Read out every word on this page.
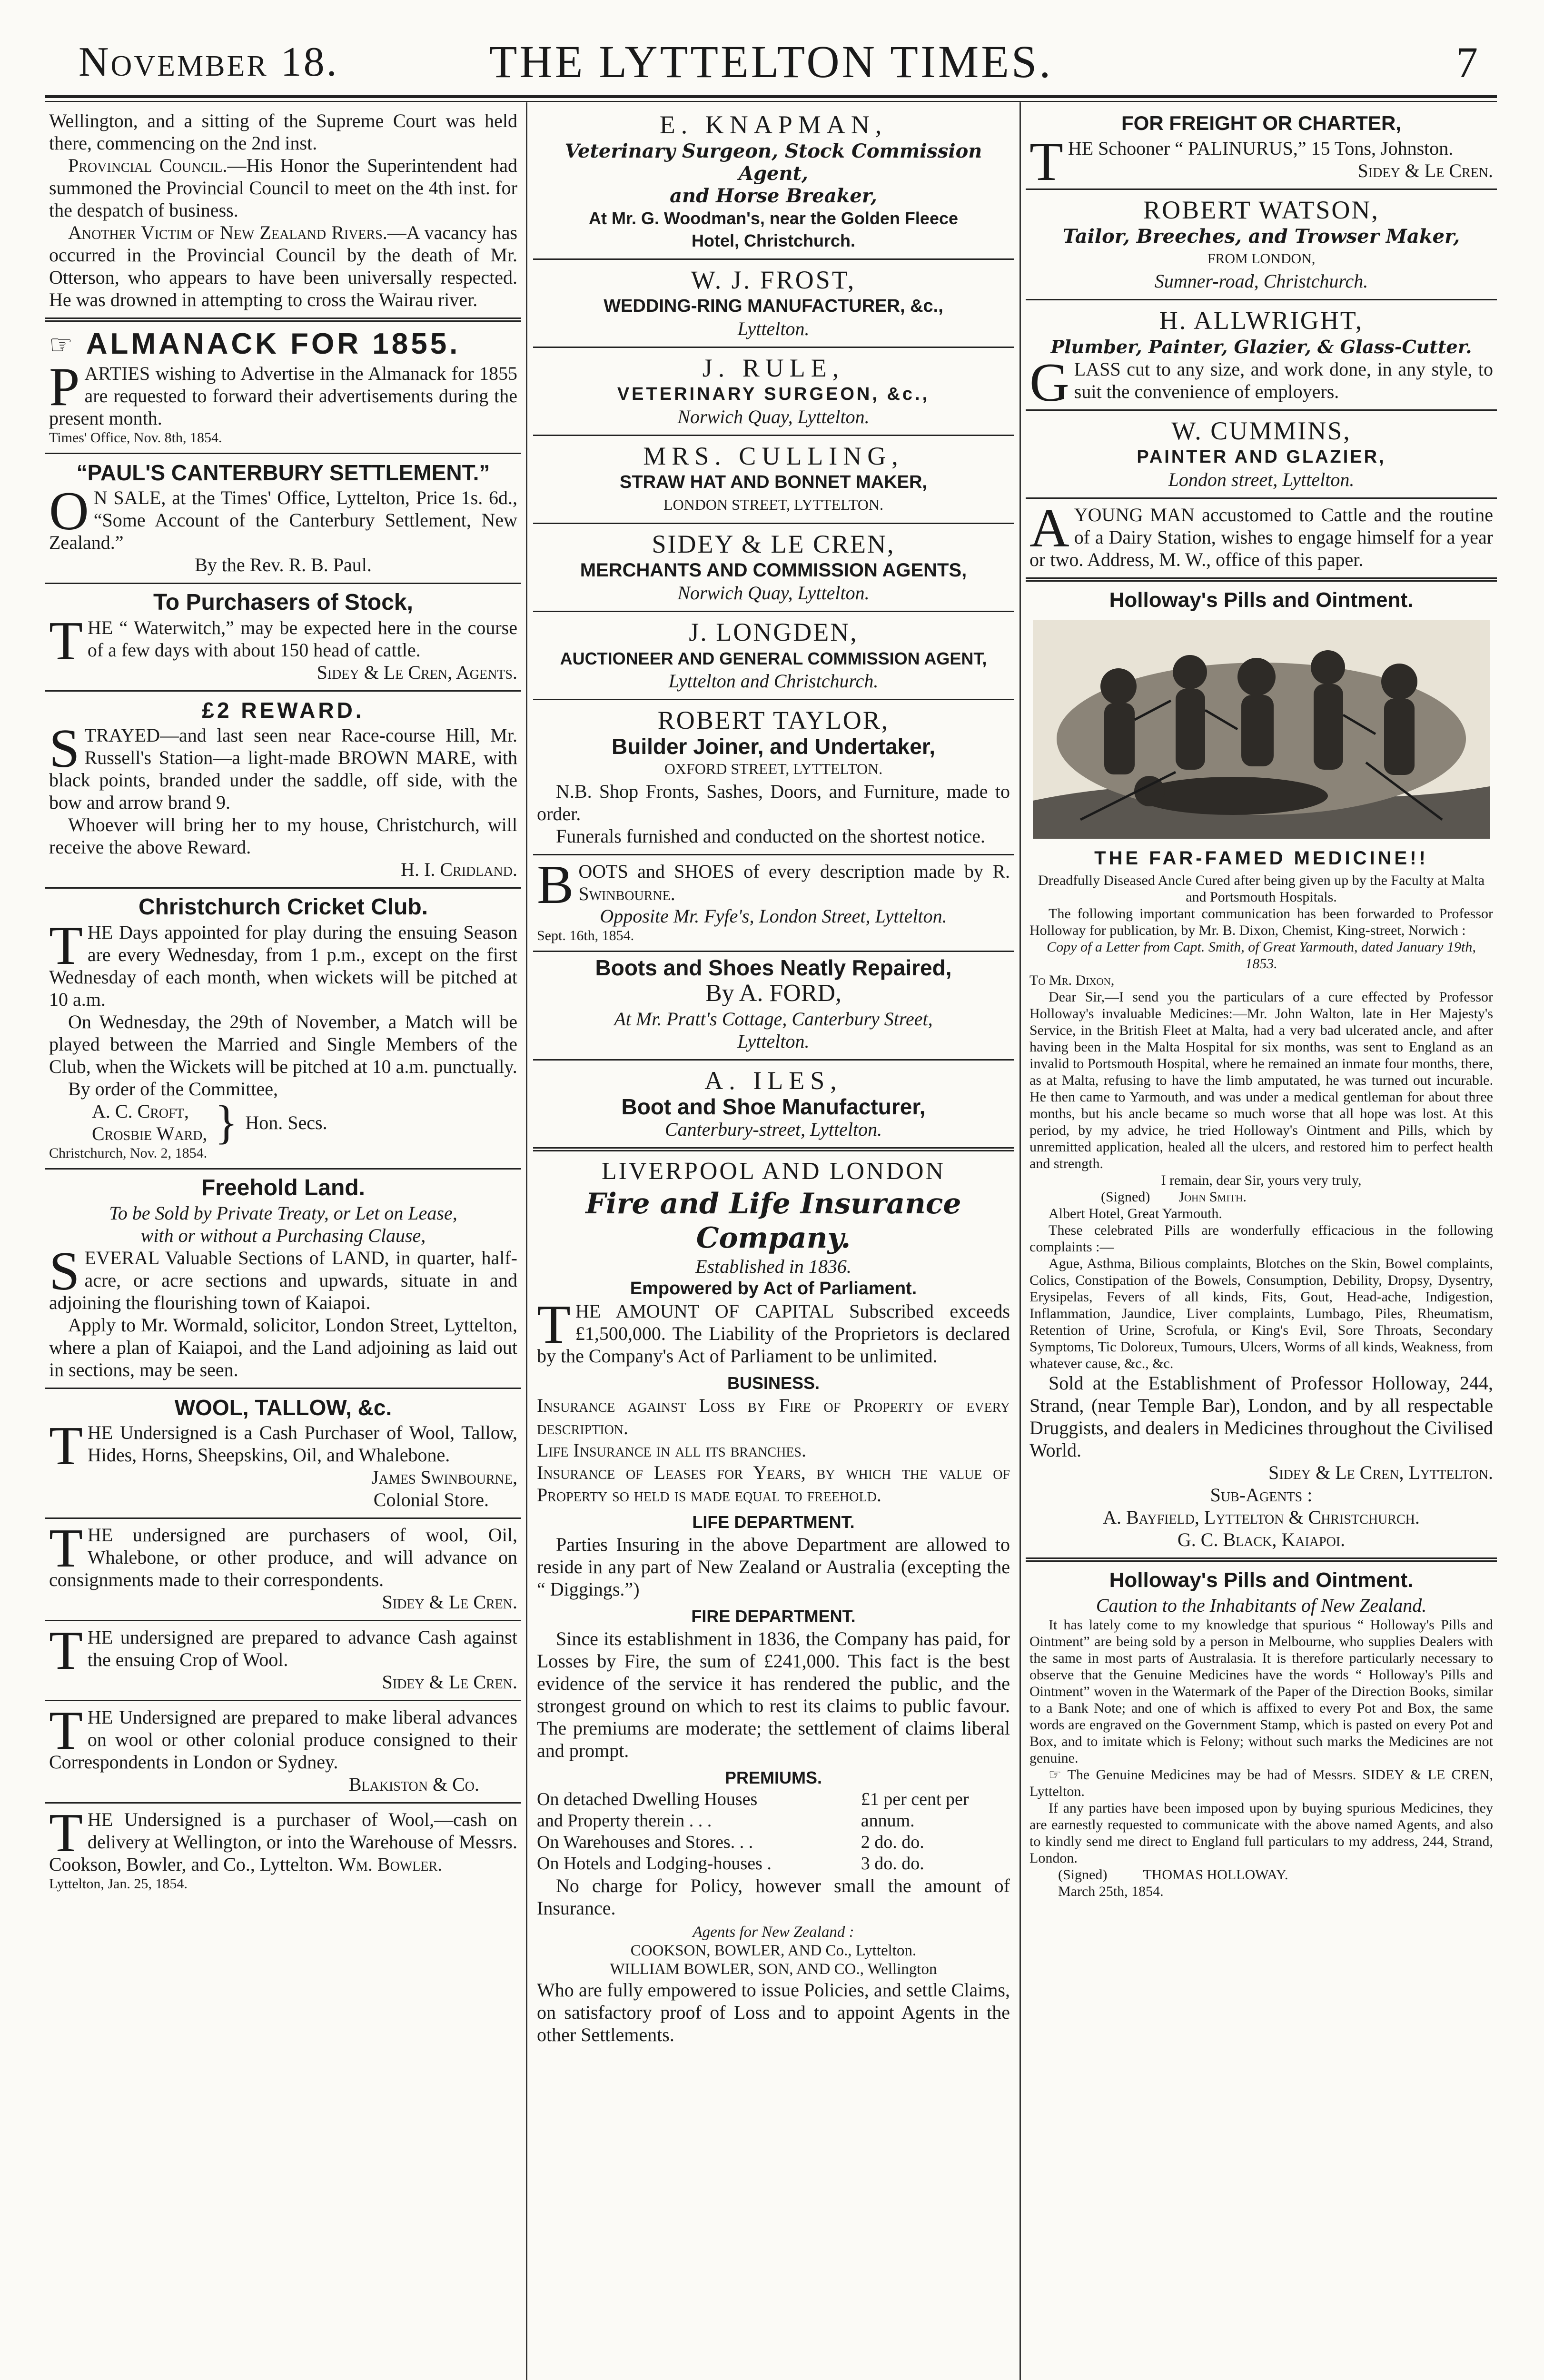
November 18.	THE LYTTELTON TIMES.	7

Wellington, and a sitting of the Supreme Court was held there, commencing on the 2nd inst.

Provincial Council.—His Honor the Superintendent had summoned the Provincial Council to meet on the 4th inst. for the despatch of business.

Another Victim of New Zealand Rivers.—A vacancy has occurred in the Provincial Council by the death of Mr. Otterson, who appears to have been universally respected. He was drowned in attempting to cross the Wairau river.

☞ ALMANACK FOR 1855.

PARTIES wishing to Advertise in the Almanack for 1855 are requested to forward their advertisements during the present month.

Times' Office, Nov. 8th, 1854.

“PAUL'S CANTERBURY SETTLEMENT.”

O N SALE, at the Times' Office, Lyttelton, Price 1s. 6d., “Some Account of the Canterbury Settlement, New Zealand.”

By the Rev. R. B. Paul.

To Purchasers of Stock,

THE “ Waterwitch,” may be expected here in the course of a few days with about 150 head of cattle.

Sidey & Le Cren, Agents.

£2 REWARD.

STRAYED—and last seen near Race-course Hill, Mr. Russell's Station—a light-made BROWN MARE, with black points, branded under the saddle, off side, with the bow and arrow brand 9.

Whoever will bring her to my house, Christchurch, will receive the above Reward.

H. I. Cridland.

Christchurch Cricket Club.

THE Days appointed for play during the ensuing Season are every Wednesday, from 1 p.m., except on the first Wednesday of each month, when wickets will be pitched at 10 a.m.

On Wednesday, the 29th of November, a Match will be played between the Married and Single Members of the Club, when the Wickets will be pitched at 10 a.m. punctually.

By order of the Committee,

A. C. Croft,
Crosbie Ward, } Hon. Secs.

Christchurch, Nov. 2, 1854.

Freehold Land.

To be Sold by Private Treaty, or Let on Lease,

with or without a Purchasing Clause,

SEVERAL Valuable Sections of LAND, in quarter, half-acre, or acre sections and upwards, situate in and adjoining the flourishing town of Kaiapoi.

Apply to Mr. Wormald, solicitor, London Street, Lyttelton, where a plan of Kaiapoi, and the Land adjoining as laid out in sections, may be seen.

WOOL, TALLOW, &c.

THE Undersigned is a Cash Purchaser of Wool, Tallow, Hides, Horns, Sheepskins, Oil, and Whalebone.

James Swinbourne,

Colonial Store.

THE undersigned are purchasers of wool, Oil, Whalebone, or other produce, and will advance on consignments made to their correspondents.

Sidey & Le Cren.

THE undersigned are prepared to advance Cash against the ensuing Crop of Wool.

Sidey & Le Cren.

THE Undersigned are prepared to make liberal advances on wool or other colonial produce consigned to their Correspondents in London or Sydney.

Blakiston & Co.

THE Undersigned is a purchaser of Wool,—cash on delivery at Wellington, or into the Warehouse of Messrs. Cookson, Bowler, and Co., Lyttelton. Wm. Bowler.

Lyttelton, Jan. 25, 1854.

E. KNAPMAN,

Veterinary Surgeon, Stock Commission Agent,

and Horse Breaker,

At Mr. G. Woodman's, near the Golden Fleece

Hotel, Christchurch.

W. J. FROST,

WEDDING-RING MANUFACTURER, &c.,

Lyttelton.

J. RULE,

VETERINARY SURGEON, &c.,

Norwich Quay, Lyttelton.

MRS. CULLING,

STRAW HAT AND BONNET MAKER,

LONDON STREET, LYTTELTON.

SIDEY & LE CREN,

MERCHANTS AND COMMISSION AGENTS,

Norwich Quay, Lyttelton.

J. LONGDEN,

AUCTIONEER AND GENERAL COMMISSION AGENT,

Lyttelton and Christchurch.

ROBERT TAYLOR,

Builder Joiner, and Undertaker,

OXFORD STREET, LYTTELTON.

N.B. Shop Fronts, Sashes, Doors, and Furniture, made to order.

Funerals furnished and conducted on the shortest notice.

BOOTS and SHOES of every description made by R. Swinbourne.

Opposite Mr. Fyfe's, London Street, Lyttelton.

Sept. 16th, 1854.

Boots and Shoes Neatly Repaired,

By A. FORD,

At Mr. Pratt's Cottage, Canterbury Street,

Lyttelton.

A. ILES,

Boot and Shoe Manufacturer,

Canterbury-street, Lyttelton.

LIVERPOOL AND LONDON
Fire and Life Insurance Company.

Established in 1836.

Empowered by Act of Parliament.

THE AMOUNT OF CAPITAL Subscribed exceeds £1,500,000. The Liability of the Proprietors is declared by the Company's Act of Parliament to be unlimited.

BUSINESS.

Insurance against Loss by Fire of Property of every description.

Life Insurance in all its branches.

Insurance of Leases for Years, by which the value of Property so held is made equal to freehold.

LIFE DEPARTMENT.

Parties Insuring in the above Department are allowed to reside in any part of New Zealand or Australia (excepting the “ Diggings.”)

FIRE DEPARTMENT.

Since its establishment in 1836, the Company has paid, for Losses by Fire, the sum of £241,000. This fact is the best evidence of the service it has rendered the public, and the strongest ground on which to rest its claims to public favour. The premiums are moderate; the settlement of claims liberal and prompt.

PREMIUMS.

On detached Dwelling Houses	£1 per cent per
and Property therein . . .	annum.
On Warehouses and Stores. . .	2 do. do.
On Hotels and Lodging-houses .	3 do. do.

No charge for Policy, however small the amount of Insurance.

Agents for New Zealand :

COOKSON, BOWLER, AND Co., Lyttelton.

WILLIAM BOWLER, SON, AND CO., Wellington

Who are fully empowered to issue Policies, and settle Claims, on satisfactory proof of Loss and to appoint Agents in the other Settlements.

FOR FREIGHT OR CHARTER,

THE Schooner “ PALINURUS,” 15 Tons, Johnston.

Sidey & Le Cren.

ROBERT WATSON,

Tailor, Breeches, and Trowser Maker,

FROM LONDON,

Sumner-road, Christchurch.

H. ALLWRIGHT,

Plumber, Painter, Glazier, & Glass-Cutter.

GLASS cut to any size, and work done, in any style, to suit the convenience of employers.

W. CUMMINS,

PAINTER AND GLAZIER,

London street, Lyttelton.

AYOUNG MAN accustomed to Cattle and the routine of a Dairy Station, wishes to engage himself for a year or two. Address, M. W., office of this paper.

Holloway's Pills and Ointment.
THE FAR-FAMED MEDICINE!!

Dreadfully Diseased Ancle Cured after being given up by the Faculty at Malta and Portsmouth Hospitals.

The following important communication has been forwarded to Professor Holloway for publication, by Mr. B. Dixon, Chemist, King-street, Norwich :

Copy of a Letter from Capt. Smith, of Great Yarmouth, dated January 19th, 1853.

To Mr. Dixon,

Dear Sir,—I send you the particulars of a cure effected by Professor Holloway's invaluable Medicines:—Mr. John Walton, late in Her Majesty's Service, in the British Fleet at Malta, had a very bad ulcerated ancle, and after having been in the Malta Hospital for six months, was sent to England as an invalid to Portsmouth Hospital, where he remained an inmate four months, there, as at Malta, refusing to have the limb amputated, he was turned out incurable. He then came to Yarmouth, and was under a medical gentleman for about three months, but his ancle became so much worse that all hope was lost. At this period, by my advice, he tried Holloway's Ointment and Pills, which by unremitted application, healed all the ulcers, and restored him to perfect health and strength.

I remain, dear Sir, yours very truly,

(Signed) John Smith.

Albert Hotel, Great Yarmouth.

These celebrated Pills are wonderfully efficacious in the following complaints :—

Ague, Asthma, Bilious complaints, Blotches on the Skin, Bowel complaints, Colics, Constipation of the Bowels, Consumption, Debility, Dropsy, Dysentry, Erysipelas, Fevers of all kinds, Fits, Gout, Head-ache, Indigestion, Inflammation, Jaundice, Liver complaints, Lumbago, Piles, Rheumatism, Retention of Urine, Scrofula, or King's Evil, Sore Throats, Secondary Symptoms, Tic Doloreux, Tumours, Ulcers, Worms of all kinds, Weakness, from whatever cause, &c., &c.

Sold at the Establishment of Professor Holloway, 244, Strand, (near Temple Bar), London, and by all respectable Druggists, and dealers in Medicines throughout the Civilised World.

Sidey & Le Cren, Lyttelton.

Sub-Agents :

A. Bayfield, Lyttelton & Christchurch.

G. C. Black, Kaiapoi.

Holloway's Pills and Ointment.

Caution to the Inhabitants of New Zealand.

It has lately come to my knowledge that spurious “ Holloway's Pills and Ointment” are being sold by a person in Melbourne, who supplies Dealers with the same in most parts of Australasia. It is therefore particularly necessary to observe that the Genuine Medicines have the words “ Holloway's Pills and Ointment” woven in the Watermark of the Paper of the Direction Books, similar to a Bank Note; and one of which is affixed to every Pot and Box, the same words are engraved on the Government Stamp, which is pasted on every Pot and Box, and to imitate which is Felony; without such marks the Medicines are not genuine.

☞ The Genuine Medicines may be had of Messrs. SIDEY & LE CREN, Lyttelton.

If any parties have been imposed upon by buying spurious Medicines, they are earnestly requested to communicate with the above named Agents, and also to kindly send me direct to England full particulars to my address, 244, Strand, London.

(Signed)	THOMAS HOLLOWAY.

March 25th, 1854.
